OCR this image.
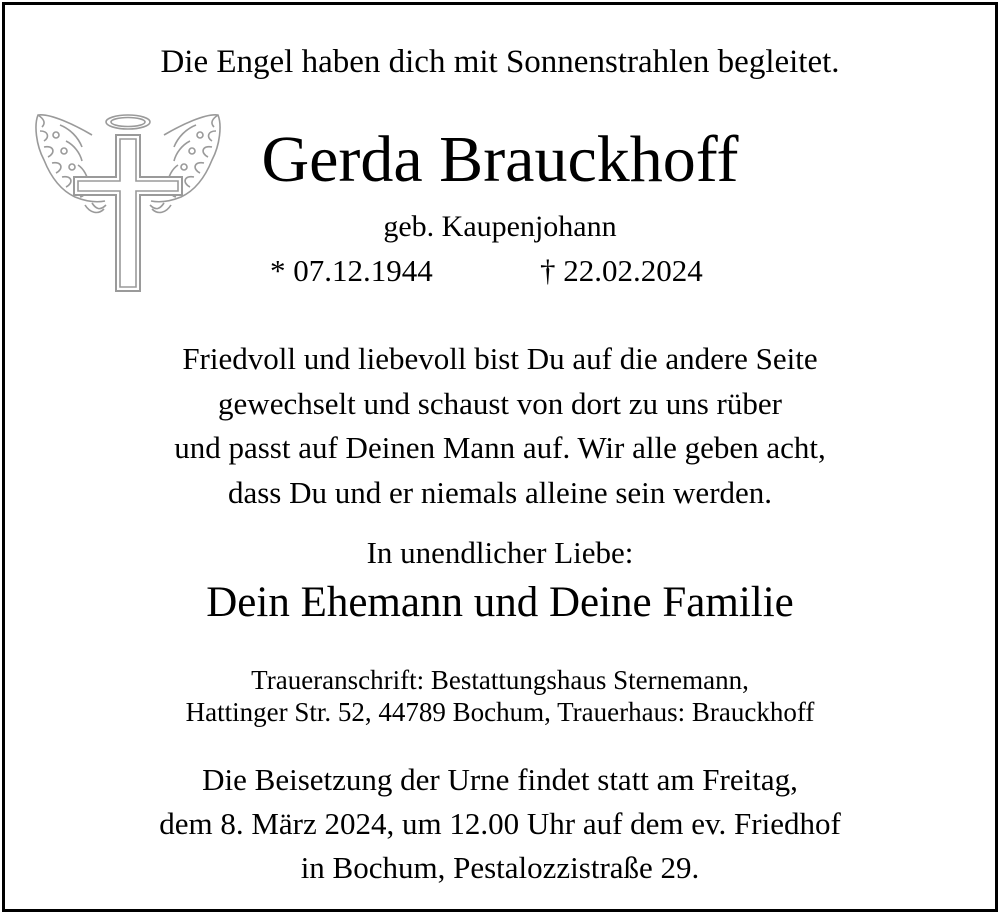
Die Engel haben dich mit Sonnenstrahlen begleitet.
Gerda Brauckhoff
geb. Kaupenjohann
* 07.12.1944	† 22.02.2024
Friedvoll und liebevoll bist Du auf die andere Seite
gewechselt und schaust von dort zu uns rüber
und passt auf Deinen Mann auf. Wir alle geben acht,
dass Du und er niemals alleine sein werden.
In unendlicher Liebe:
Dein Ehemann und Deine Familie
Traueranschrift: Bestattungshaus Sternemann,
Hattinger Str. 52, 44789 Bochum, Trauerhaus: Brauckhoff
Die Beisetzung der Urne findet statt am Freitag,
dem 8. März 2024, um 12.00 Uhr auf dem ev. Friedhof
in Bochum, Pestalozzistraße 29.
